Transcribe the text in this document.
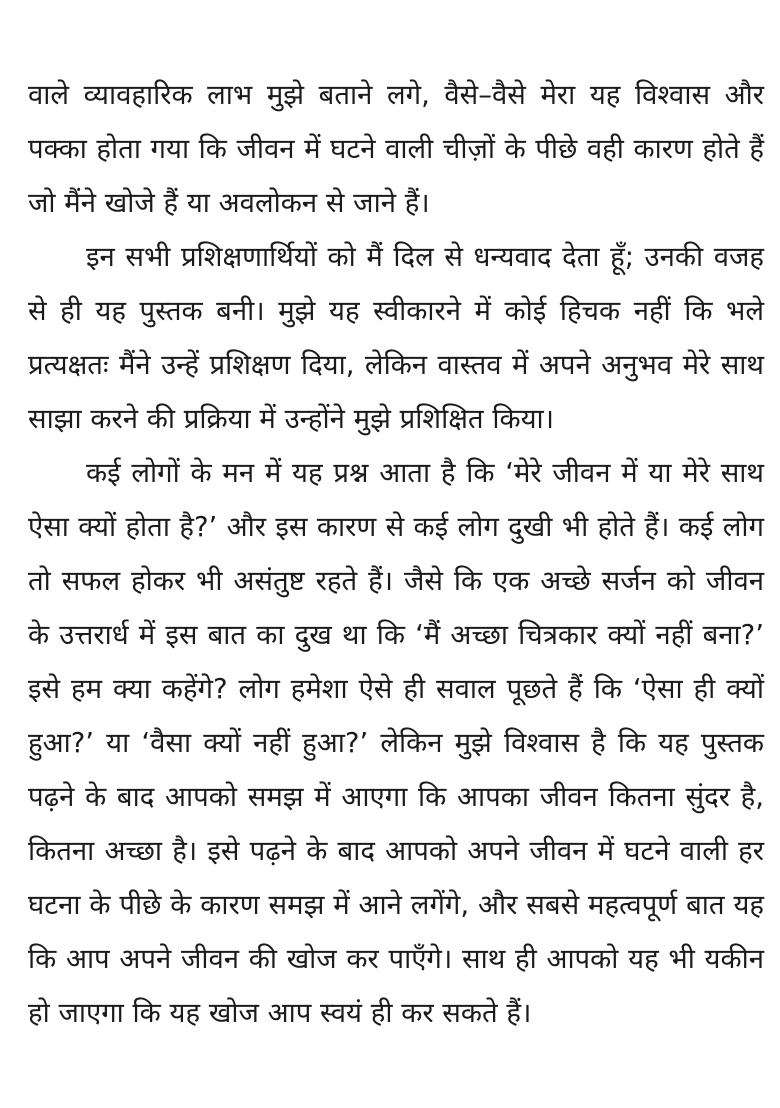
वाले व्यावहारिक लाभ मुझे बताने लगे, वैसे–वैसे मेरा यह विश्वास और पक्का होता गया कि जीवन में घटने वाली चीज़ों के पीछे वही कारण होते हैं जो मैंने खोजे हैं या अवलोकन से जाने हैं।

इन सभी प्रशिक्षणार्थियों को मैं दिल से धन्यवाद देता हूँ; उनकी वजह से ही यह पुस्तक बनी। मुझे यह स्वीकारने में कोई हिचक नहीं कि भले प्रत्यक्षतः मैंने उन्हें प्रशिक्षण दिया, लेकिन वास्तव में अपने अनुभव मेरे साथ साझा करने की प्रक्रिया में उन्होंने मुझे प्रशिक्षित किया।

कई लोगों के मन में यह प्रश्न आता है कि ‘मेरे जीवन में या मेरे साथ ऐसा क्यों होता है?’ और इस कारण से कई लोग दुखी भी होते हैं। कई लोग तो सफल होकर भी असंतुष्ट रहते हैं। जैसे कि एक अच्छे सर्जन को जीवन के उत्तरार्ध में इस बात का दुख था कि ‘मैं अच्छा चित्रकार क्यों नहीं बना?’ इसे हम क्या कहेंगे? लोग हमेशा ऐसे ही सवाल पूछते हैं कि ‘ऐसा ही क्यों हुआ?’ या ‘वैसा क्यों नहीं हुआ?’ लेकिन मुझे विश्वास है कि यह पुस्तक पढ़ने के बाद आपको समझ में आएगा कि आपका जीवन कितना सुंदर है, कितना अच्छा है। इसे पढ़ने के बाद आपको अपने जीवन में घटने वाली हर घटना के पीछे के कारण समझ में आने लगेंगे, और सबसे महत्वपूर्ण बात यह कि आप अपने जीवन की खोज कर पाएँगे। साथ ही आपको यह भी यकीन हो जाएगा कि यह खोज आप स्वयं ही कर सकते हैं।
